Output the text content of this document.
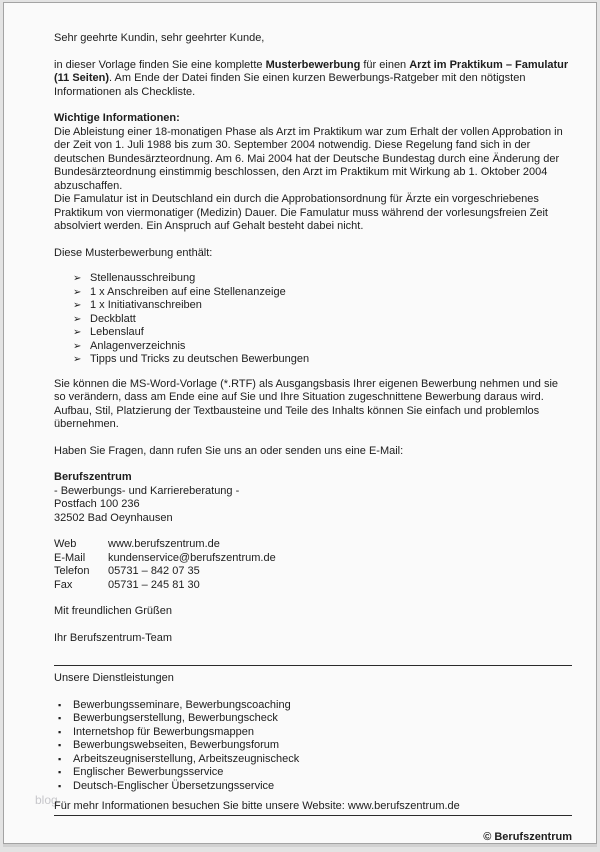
blog

Sehr geehrte Kundin, sehr geehrter Kunde,

in dieser Vorlage finden Sie eine komplette Musterbewerbung für einen Arzt im Praktikum – Famulatur (11 Seiten). Am Ende der Datei finden Sie einen kurzen Bewerbungs-Ratgeber mit den nötigsten Informationen als Checkliste.

Wichtige Informationen:

Die Ableistung einer 18-monatigen Phase als Arzt im Praktikum war zum Erhalt der vollen Approbation in der Zeit von 1. Juli 1988 bis zum 30. September 2004 notwendig. Diese Regelung fand sich in der deutschen Bundesärzteordnung. Am 6. Mai 2004 hat der Deutsche Bundestag durch eine Änderung der Bundesärzteordnung einstimmig beschlossen, den Arzt im Praktikum mit Wirkung ab 1. Oktober 2004 abzuschaffen.

Die Famulatur ist in Deutschland ein durch die Approbationsordnung für Ärzte ein vorgeschriebenes Praktikum von viermonatiger (Medizin) Dauer. Die Famulatur muss während der vorlesungsfreien Zeit absolviert werden. Ein Anspruch auf Gehalt besteht dabei nicht.

Diese Musterbewerbung enthält:

➢ Stellenausschreibung
➢ 1 x Anschreiben auf eine Stellenanzeige
➢ 1 x Initiativanschreiben
➢ Deckblatt
➢ Lebenslauf
➢ Anlagenverzeichnis
➢ Tipps und Tricks zu deutschen Bewerbungen

Sie können die MS-Word-Vorlage (*.RTF) als Ausgangsbasis Ihrer eigenen Bewerbung nehmen und sie so verändern, dass am Ende eine auf Sie und Ihre Situation zugeschnittene Bewerbung daraus wird. Aufbau, Stil, Platzierung der Textbausteine und Teile des Inhalts können Sie einfach und problemlos übernehmen.

Haben Sie Fragen, dann rufen Sie uns an oder senden uns eine E-Mail:

Berufszentrum

- Bewerbungs- und Karriereberatung -

Postfach 100 236

32502 Bad Oeynhausen

Web	www.berufszentrum.de
E-Mail	kundenservice@berufszentrum.de
Telefon	05731 – 842 07 35
Fax	05731 – 245 81 30

Mit freundlichen Grüßen

Ihr Berufszentrum-Team

Unsere Dienstleistungen

▪	Bewerbungsseminare, Bewerbungscoaching
▪	Bewerbungserstellung, Bewerbungscheck
▪	Internetshop für Bewerbungsmappen
▪	Bewerbungswebseiten, Bewerbungsforum
▪	Arbeitszeugniserstellung, Arbeitszeugnischeck
▪	Englischer Bewerbungsservice
▪	Deutsch-Englischer Übersetzungsservice

Für mehr Informationen besuchen Sie bitte unsere Website: www.berufszentrum.de

© Berufszentrum
